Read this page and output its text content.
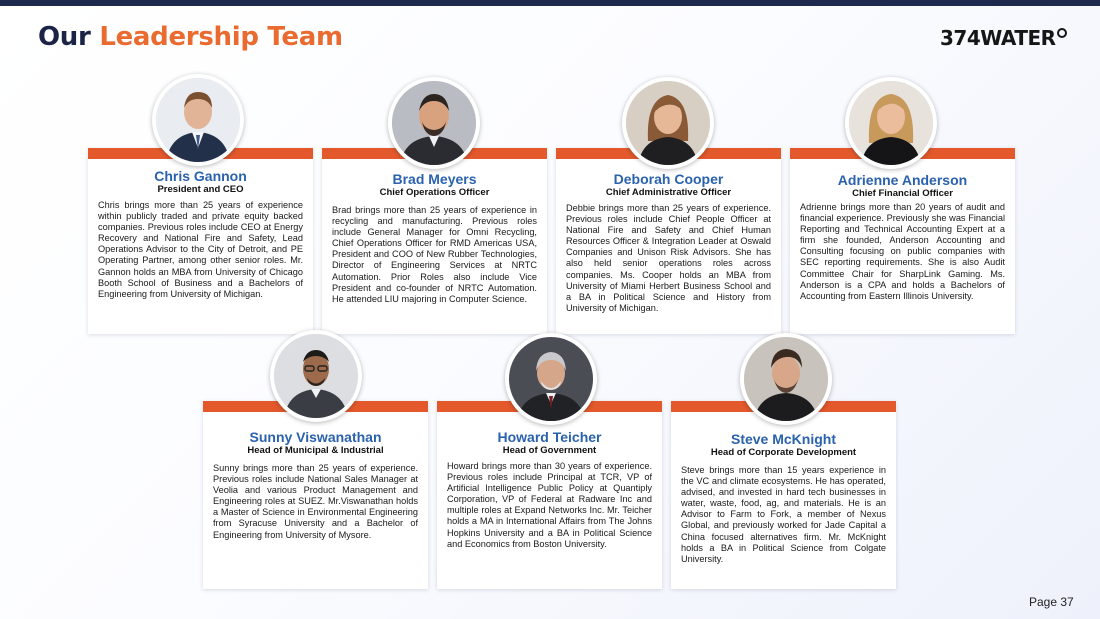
Our Leadership Team	374WATER
Chris Gannon
President and CEO

Chris brings more than 25 years of experience within publicly traded and private equity backed companies. Previous roles include CEO at Energy Recovery and National Fire and Safety, Lead Operations Advisor to the City of Detroit, and PE Operating Partner, among other senior roles. Mr. Gannon holds an MBA from University of Chicago Booth School of Business and a Bachelors of Engineering from University of Michigan.

Brad Meyers
Chief Operations Officer

Brad brings more than 25 years of experience in recycling and manufacturing. Previous roles include General Manager for Omni Recycling, Chief Operations Officer for RMD Americas USA, President and COO of New Rubber Technologies, Director of Engineering Services at NRTC Automation. Prior Roles also include Vice President and co-founder of NRTC Automation. He attended LIU majoring in Computer Science.

Deborah Cooper
Chief Administrative Officer

Debbie brings more than 25 years of experience. Previous roles include Chief People Officer at National Fire and Safety and Chief Human Resources Officer & Integration Leader at Oswald Companies and Unison Risk Advisors. She has also held senior operations roles across companies. Ms. Cooper holds an MBA from University of Miami Herbert Business School and a BA in Political Science and History from University of Michigan.

Adrienne Anderson
Chief Financial Officer

Adrienne brings more than 20 years of audit and financial experience. Previously she was Financial Reporting and Technical Accounting Expert at a firm she founded, Anderson Accounting and Consulting focusing on public companies with SEC reporting requirements. She is also Audit Committee Chair for SharpLink Gaming. Ms. Anderson is a CPA and holds a Bachelors of Accounting from Eastern Illinois University.

Sunny Viswanathan
Head of Municipal & Industrial

Sunny brings more than 25 years of experience. Previous roles include National Sales Manager at Veolia and various Product Management and Engineering roles at SUEZ. Mr.Viswanathan holds a Master of Science in Environmental Engineering from Syracuse University and a Bachelor of Engineering from University of Mysore.

Howard Teicher
Head of Government

Howard brings more than 30 years of experience. Previous roles include Principal at TCR, VP of Artificial Intelligence Public Policy at Quantiply Corporation, VP of Federal at Radware Inc and multiple roles at Expand Networks Inc. Mr. Teicher holds a MA in International Affairs from The Johns Hopkins University and a BA in Political Science and Economics from Boston University.

Steve McKnight
Head of Corporate Development

Steve brings more than 15 years experience in the VC and climate ecosystems. He has operated, advised, and invested in hard tech businesses in water, waste, food, ag, and materials. He is an Advisor to Farm to Fork, a member of Nexus Global, and previously worked for Jade Capital a China focused alternatives firm. Mr. McKnight holds a BA in Political Science from Colgate University.

Page 37
